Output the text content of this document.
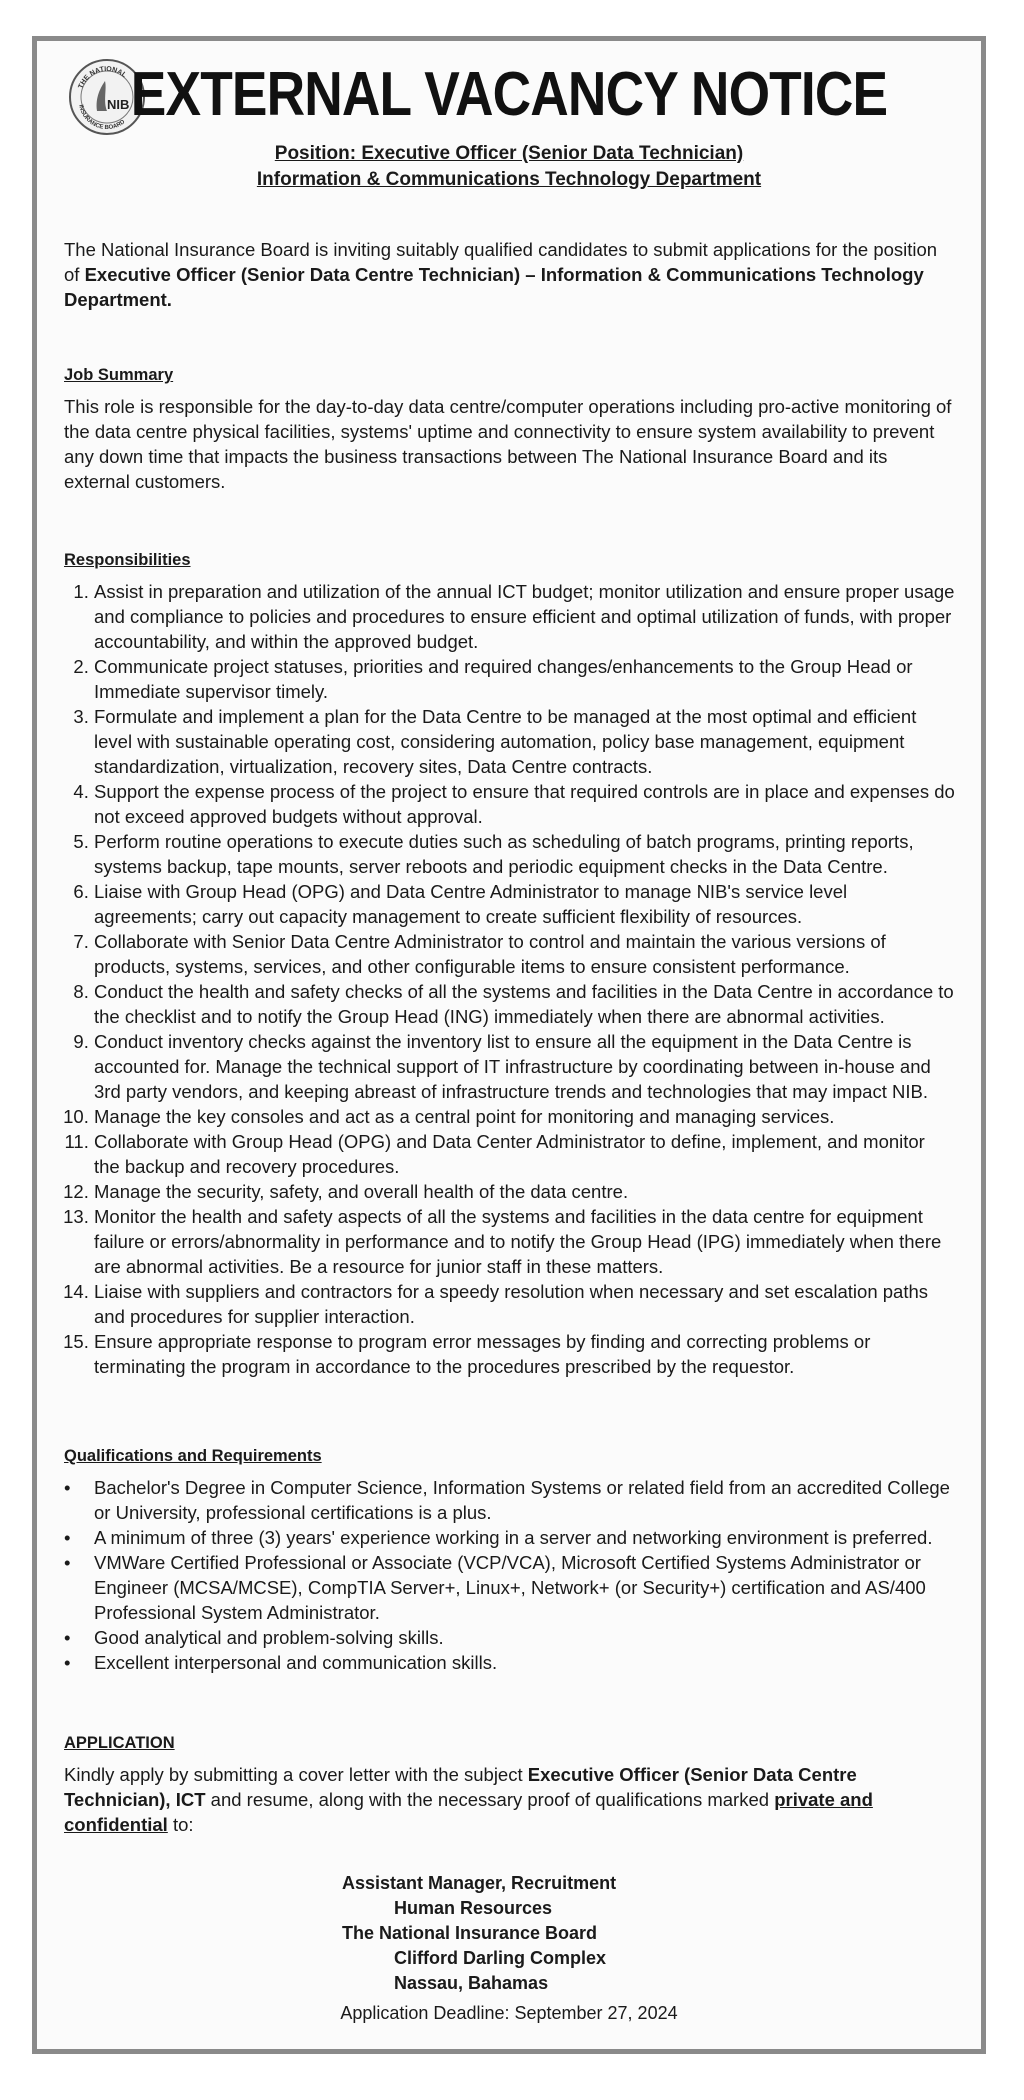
THE NATIONAL
INSURANCE BOARD
NIB EXTERNAL VACANCY NOTICE
Position: Executive Officer (Senior Data Technician)
Information & Communications Technology Department
The National Insurance Board is inviting suitably qualified candidates to submit applications for the position of Executive Officer (Senior Data Centre Technician) – Information & Communications Technology Department.
Job Summary
This role is responsible for the day-to-day data centre/computer operations including pro-active monitoring of the data centre physical facilities, systems' uptime and connectivity to ensure system availability to prevent any down time that impacts the business transactions between The National Insurance Board and its external customers.
Responsibilities
1. Assist in preparation and utilization of the annual ICT budget; monitor utilization and ensure proper usage and compliance to policies and procedures to ensure efficient and optimal utilization of funds, with proper accountability, and within the approved budget.
2. Communicate project statuses, priorities and required changes/enhancements to the Group Head or Immediate supervisor timely.
3. Formulate and implement a plan for the Data Centre to be managed at the most optimal and efficient level with sustainable operating cost, considering automation, policy base management, equipment standardization, virtualization, recovery sites, Data Centre contracts.
4. Support the expense process of the project to ensure that required controls are in place and expenses do not exceed approved budgets without approval.
5. Perform routine operations to execute duties such as scheduling of batch programs, printing reports, systems backup, tape mounts, server reboots and periodic equipment checks in the Data Centre.
6. Liaise with Group Head (OPG) and Data Centre Administrator to manage NIB's service level agreements; carry out capacity management to create sufficient flexibility of resources.
7. Collaborate with Senior Data Centre Administrator to control and maintain the various versions of products, systems, services, and other configurable items to ensure consistent performance.
8. Conduct the health and safety checks of all the systems and facilities in the Data Centre in accordance to the checklist and to notify the Group Head (ING) immediately when there are abnormal activities.
9. Conduct inventory checks against the inventory list to ensure all the equipment in the Data Centre is accounted for. Manage the technical support of IT infrastructure by coordinating between in-house and 3rd party vendors, and keeping abreast of infrastructure trends and technologies that may impact NIB.
10. Manage the key consoles and act as a central point for monitoring and managing services.
11. Collaborate with Group Head (OPG) and Data Center Administrator to define, implement, and monitor the backup and recovery procedures.
12. Manage the security, safety, and overall health of the data centre.
13. Monitor the health and safety aspects of all the systems and facilities in the data centre for equipment failure or errors/abnormality in performance and to notify the Group Head (IPG) immediately when there are abnormal activities. Be a resource for junior staff in these matters.
14. Liaise with suppliers and contractors for a speedy resolution when necessary and set escalation paths and procedures for supplier interaction.
15. Ensure appropriate response to program error messages by finding and correcting problems or terminating the program in accordance to the procedures prescribed by the requestor.
Qualifications and Requirements
• Bachelor's Degree in Computer Science, Information Systems or related field from an accredited College or University, professional certifications is a plus.
• A minimum of three (3) years' experience working in a server and networking environment is preferred.
• VMWare Certified Professional or Associate (VCP/VCA), Microsoft Certified Systems Administrator or Engineer (MCSA/MCSE), CompTIA Server+, Linux+, Network+ (or Security+) certification and AS/400 Professional System Administrator.
• Good analytical and problem-solving skills.
• Excellent interpersonal and communication skills.
APPLICATION
Kindly apply by submitting a cover letter with the subject Executive Officer (Senior Data Centre Technician), ICT and resume, along with the necessary proof of qualifications marked private and confidential to:
Assistant Manager, Recruitment
Human Resources
The National Insurance Board
Clifford Darling Complex
Nassau, Bahamas
Application Deadline: September 27, 2024
